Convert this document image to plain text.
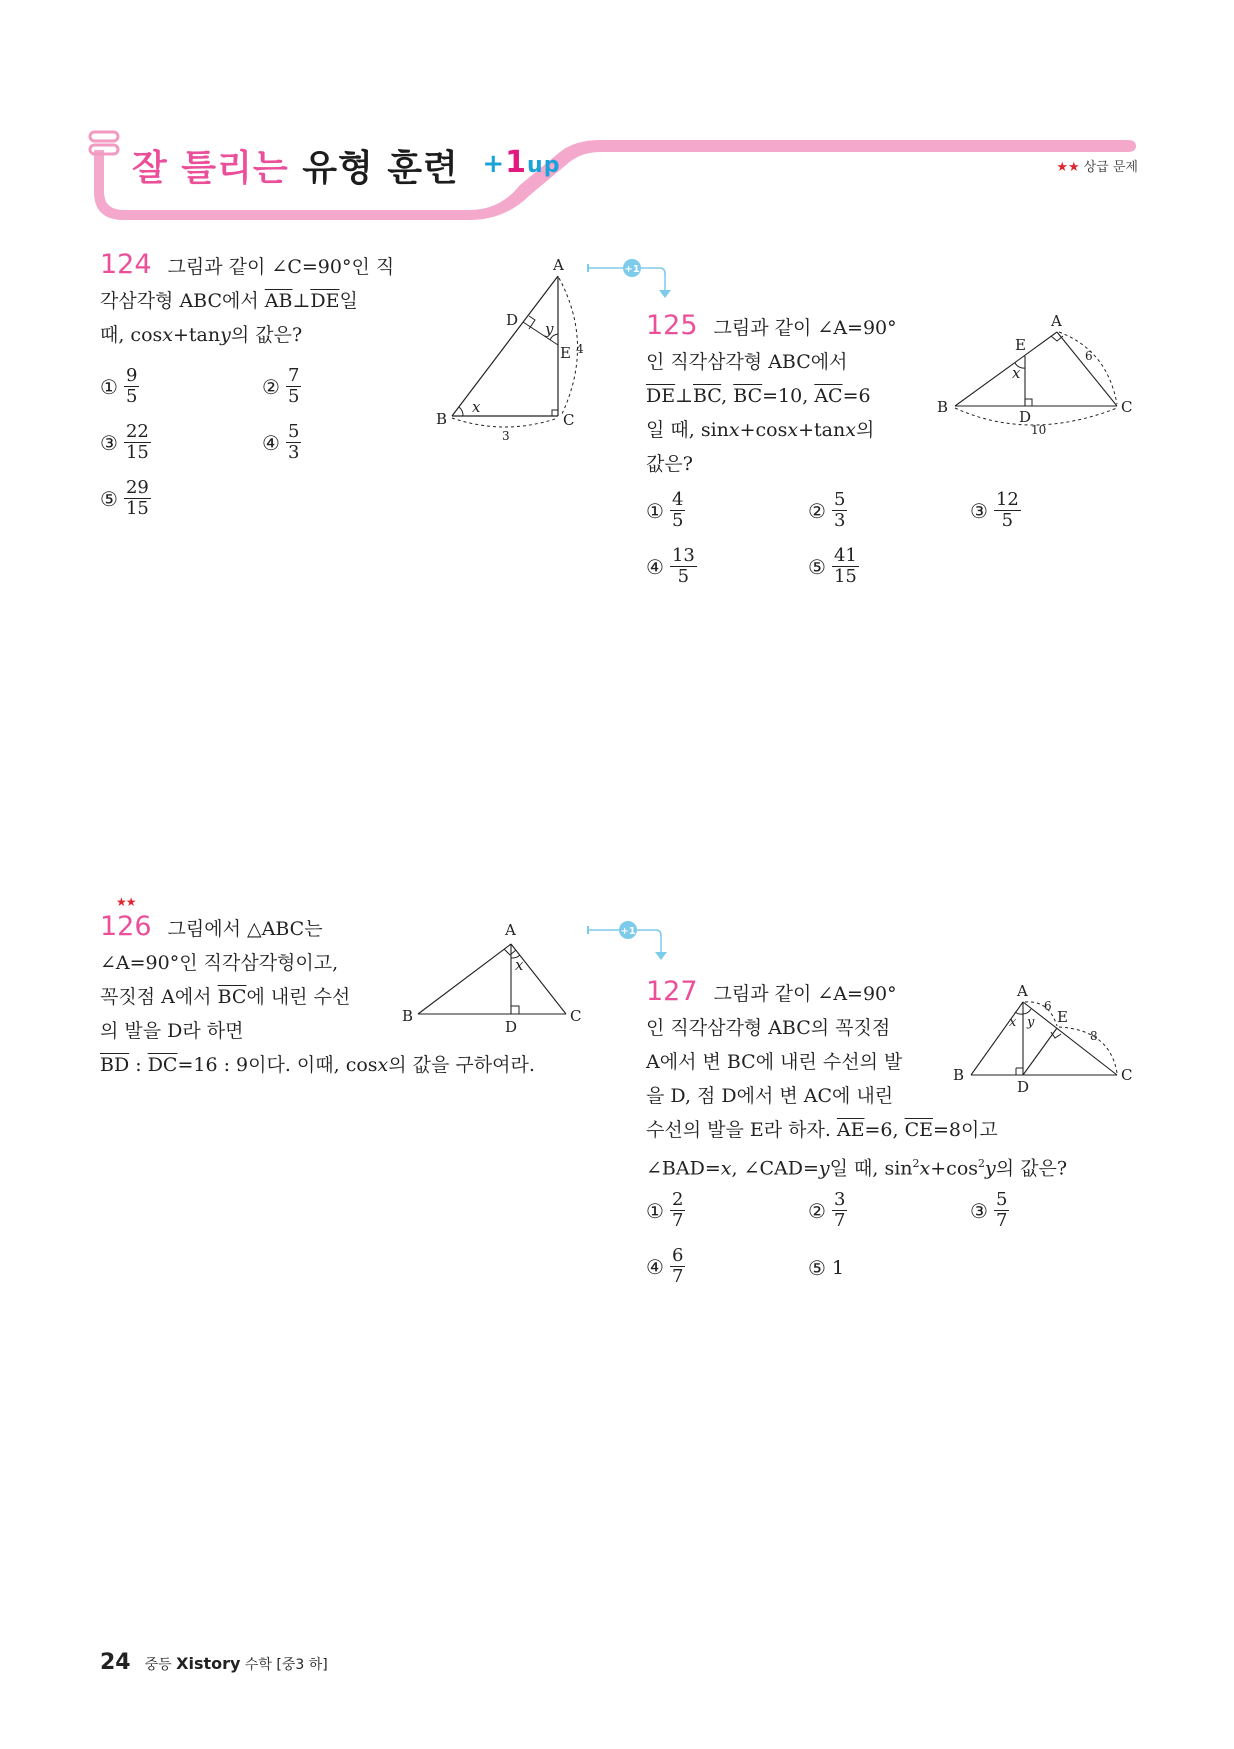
잘 틀리는 유형 훈련 $^{+1up}$	★★ 상급 문제
124 그림과 같이 ∠C=90°인 직
각삼각형 ABC에서 $\overline{AB}\perp\overline{DE}$일
때, cosx+tany의 값은?
① $\frac{9}{5}$	② $\frac{7}{5}$
③ $\frac{22}{15}$	④ $\frac{5}{3}$
⑤ $\frac{29}{15}$
A
B	C
D
E
y
x
3
4
+1
125 그림과 같이 ∠A=90°
인 직각삼각형 ABC에서
$\overline{DE}\perp\overline{BC}$, $\overline{BC}=10$, $\overline{AC}=6$
일 때, sinx+cosx+tanx의
값은?
① $\frac{4}{5}$	② $\frac{5}{3}$	③ $\frac{12}{5}$
④ $\frac{13}{5}$	⑤ $\frac{41}{15}$
A
B	C
D
E
x
6
10
★★
126 그림에서 △ABC는
∠A=90°인 직각삼각형이고,
꼭짓점 A에서 $\overline{BC}$에 내린 수선
의 발을 D라 하면
$\overline{BD}$ : $\overline{DC}=16$ : 9이다. 이때, cosx의 값을 구하여라.
A
B	C
D
x
+1
127 그림과 같이 ∠A=90°
인 직각삼각형 ABC의 꼭짓점
A에서 변 BC에 내린 수선의 발
을 D, 점 D에서 변 AC에 내린
수선의 발을 E라 하자. $\overline{AE}=6$, $\overline{CE}=8$이고
∠BAD=x, ∠CAD=y일 때, $\sin^2x+\cos^2y$의 값은?
① $\frac{2}{7}$	② $\frac{3}{7}$	③ $\frac{5}{7}$
④ $\frac{6}{7}$	⑤ 1
A
B	C
D
E
x y
6
8
24 중등 Xistory 수학 [중3 하]
